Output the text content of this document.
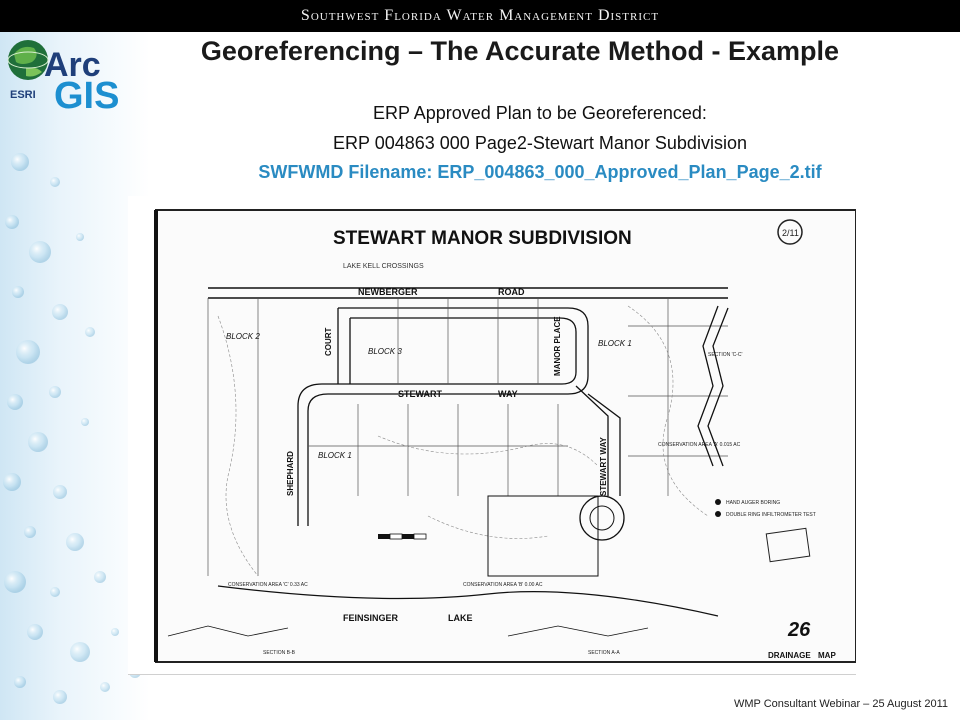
Southwest Florida Water Management District
Arc
ESRI GIS
Georeferencing – The Accurate Method - Example
ERP Approved Plan to be Georeferenced:
ERP 004863 000 Page2-Stewart Manor Subdivision
SWFWMD Filename: ERP_004863_000_Approved_Plan_Page_2.tif
STEWART MANOR SUBDIVISION	2/11
LAKE KELL CROSSINGS
NEWBERGER	ROAD
STEWART	WAY
COURT	MANOR PLACE
SHEPHARD	STEWART WAY
BLOCK 2
BLOCK 3
BLOCK 1
BLOCK 1
FEINSINGER	LAKE
CONSERVATION AREA 'C' 0.33 AC	CONSERVATION AREA 'B' 0.00 AC
CONSERVATION AREA 'A' 0.015 AC
SECTION 'C-C'
HAND AUGER BORING
DOUBLE RING INFILTROMETER TEST
SECTION B-B	SECTION A-A
26
DRAINAGE MAP
WMP Consultant Webinar – 25 August 2011
